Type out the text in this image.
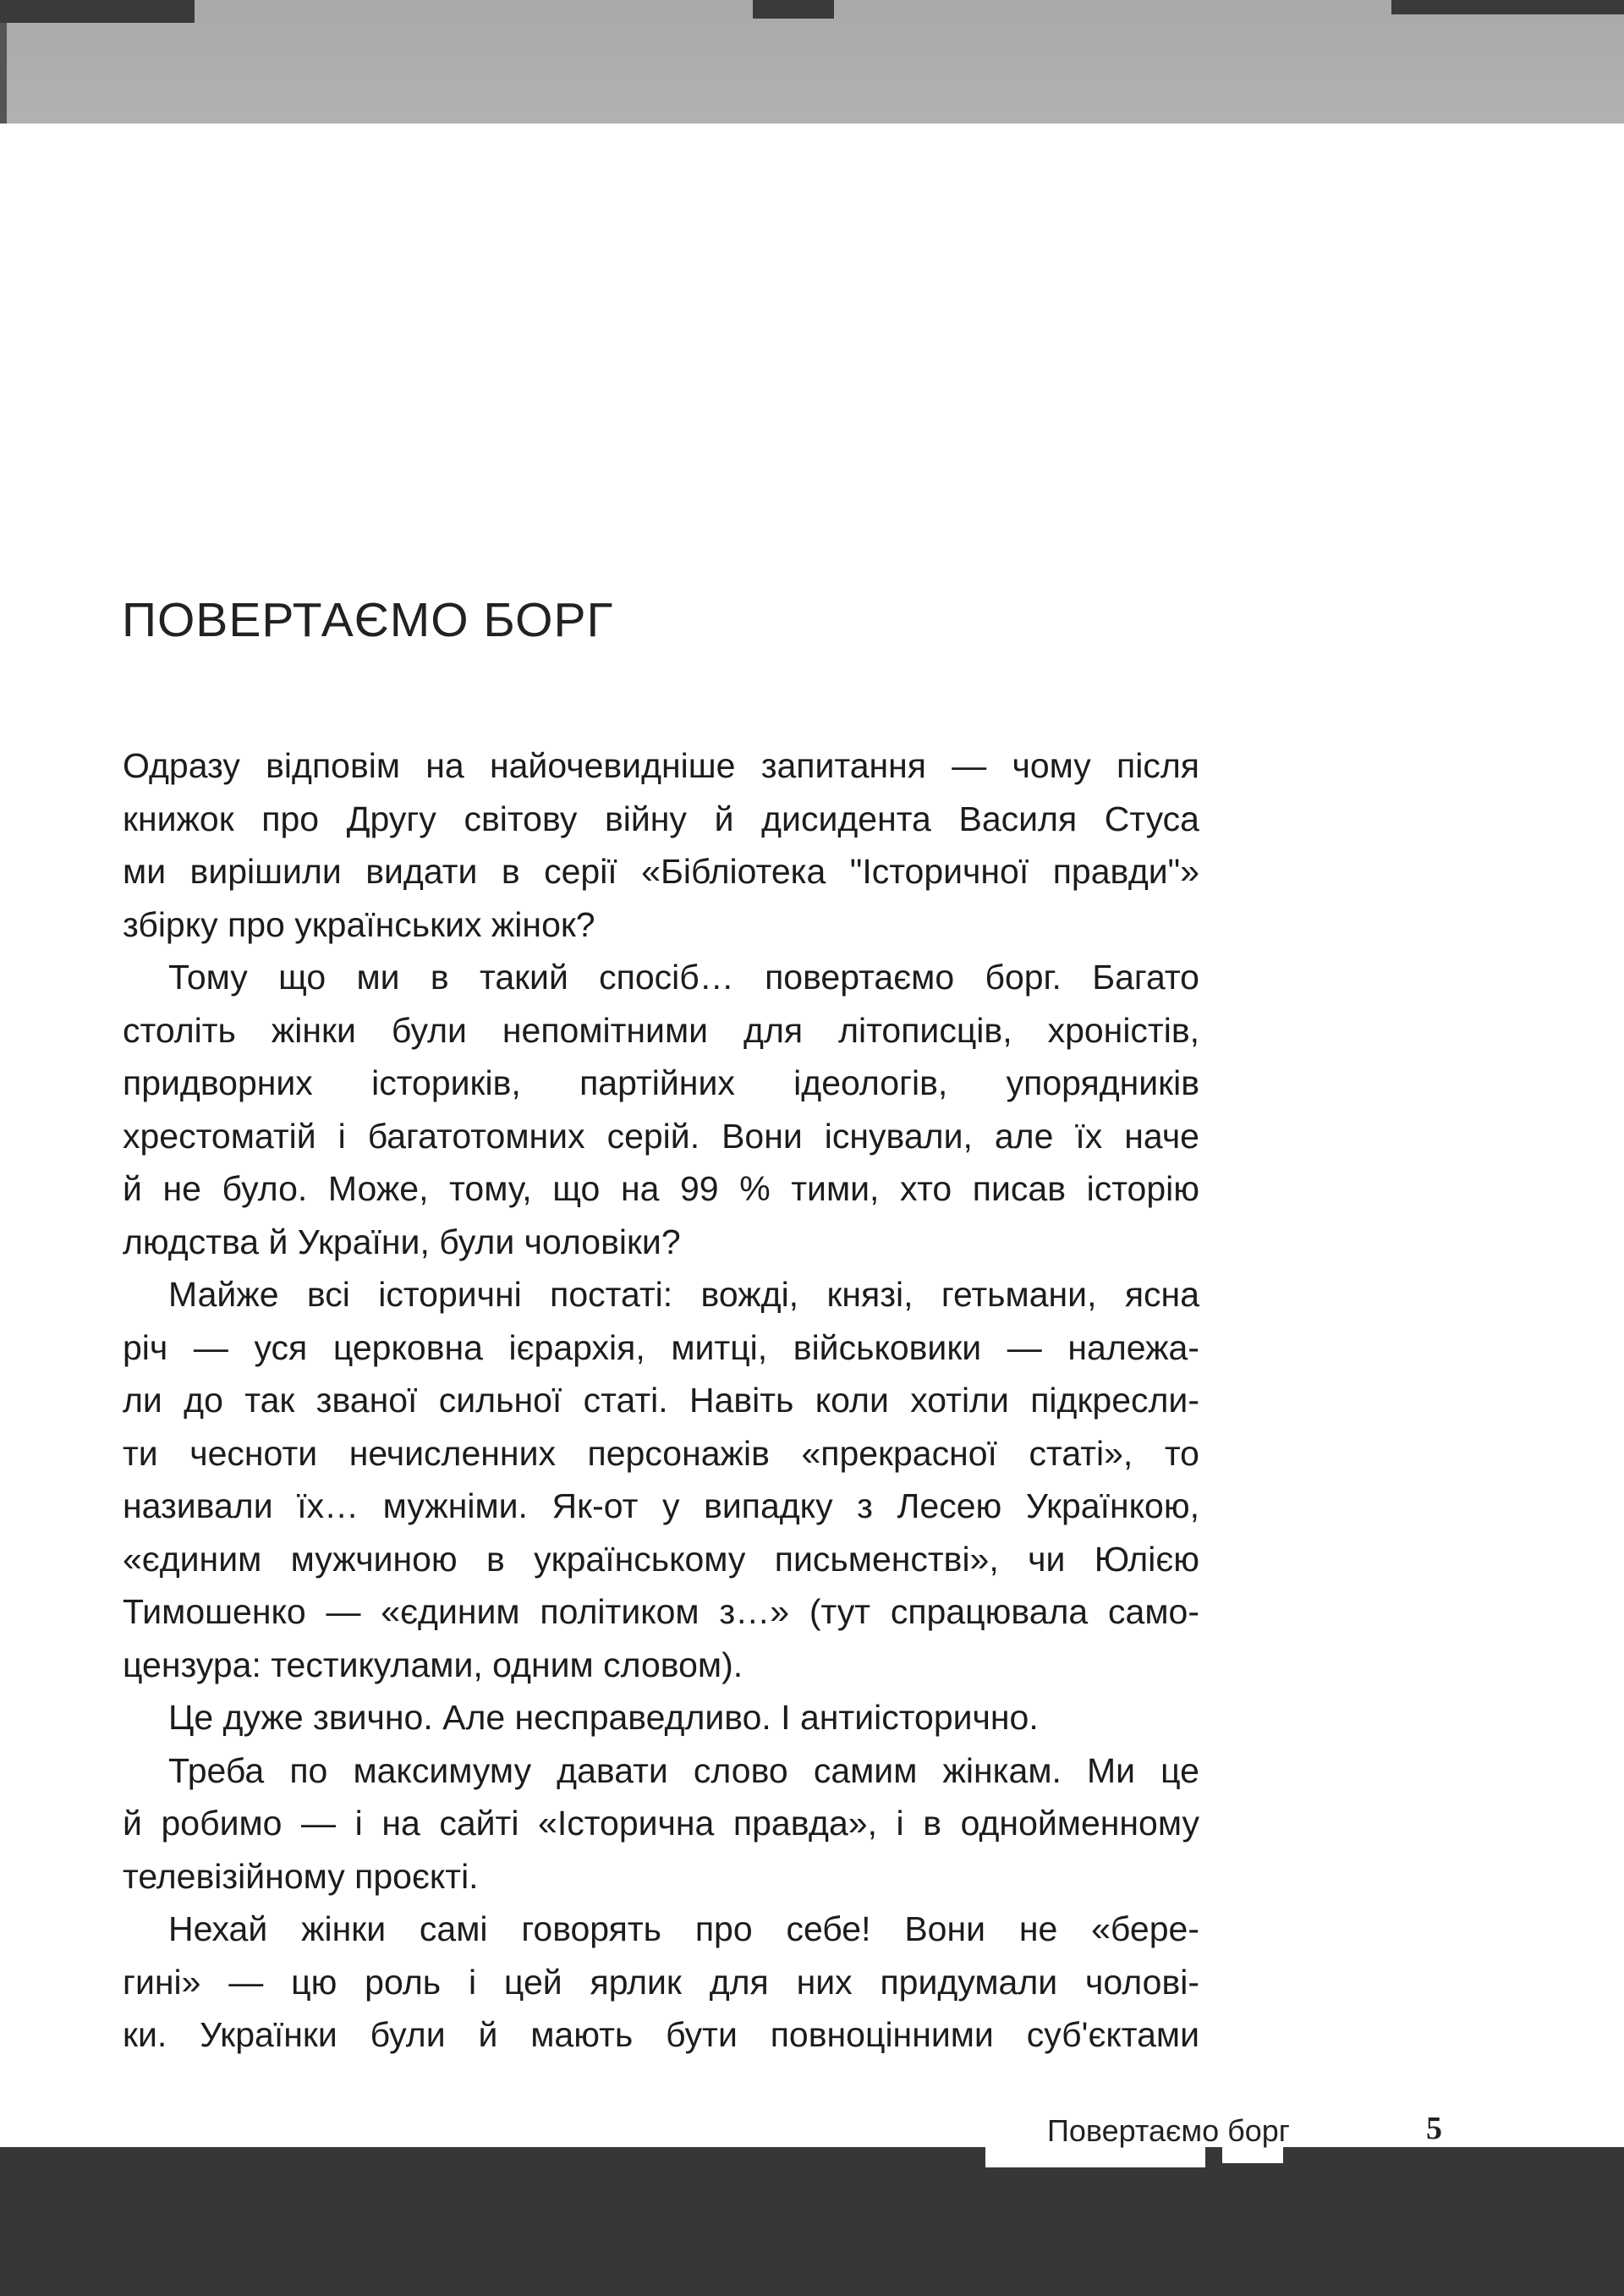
ПОВЕРТАЄМО БОРГ
Одразу відповім на найочевидніше запитання — чому після
книжок про Другу світову війну й дисидента Василя Стуса
ми вирішили видати в серії «Бібліотека "Історичної правди"»
збірку про українських жінок?
Тому що ми в такий спосіб… повертаємо борг. Багато
століть жінки були непомітними для літописців, хроністів,
придворних істориків, партійних ідеологів, упорядників
хрестоматій і багатотомних серій. Вони існували, але їх наче
й не було. Може, тому, що на 99 % тими, хто писав історію
людства й України, були чоловіки?
Майже всі історичні постаті: вожді, князі, гетьмани, ясна
річ — уся церковна ієрархія, митці, військовики — належа-
ли до так званої сильної статі. Навіть коли хотіли підкресли-
ти чесноти нечисленних персонажів «прекрасної статі», то
називали їх… мужніми. Як-от у випадку з Лесею Українкою,
«єдиним мужчиною в українському письменстві», чи Юлією
Тимошенко — «єдиним політиком з…» (тут спрацювала само-
цензура: тестикулами, одним словом).
Це дуже звично. Але несправедливо. І антиісторично.
Треба по максимуму давати слово самим жінкам. Ми це
й робимо — і на сайті «Історична правда», і в однойменному
телевізійному проєкті.
Нехай жінки самі говорять про себе! Вони не «бере-
гині» — цю роль і цей ярлик для них придумали чолові-
ки. Українки були й мають бути повноцінними суб'єктами
Повертаємо борг	5
